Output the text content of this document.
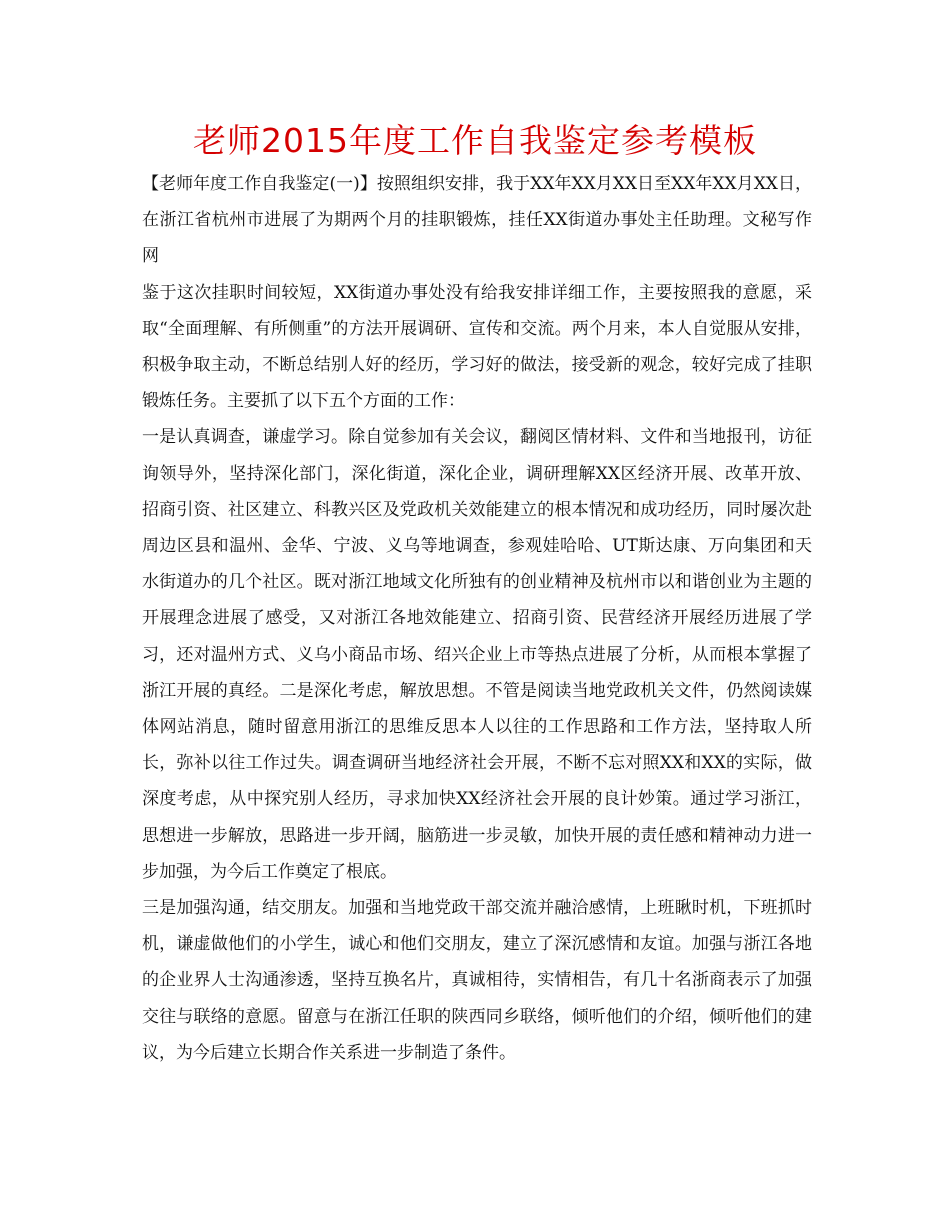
老师2015年度工作自我鉴定参考模板

【老师年度工作自我鉴定(一)】按照组织安排，我于XX年XX月XX日至XX年XX月XX日，在浙江省杭州市进展了为期两个月的挂职锻炼，挂任XX街道办事处主任助理。文秘写作网

鉴于这次挂职时间较短，XX街道办事处没有给我安排详细工作，主要按照我的意愿，采取“全面理解、有所侧重”的方法开展调研、宣传和交流。两个月来，本人自觉服从安排，积极争取主动，不断总结别人好的经历，学习好的做法，接受新的观念，较好完成了挂职锻炼任务。主要抓了以下五个方面的工作：

一是认真调查，谦虚学习。除自觉参加有关会议，翻阅区情材料、文件和当地报刊，访征询领导外，坚持深化部门，深化街道，深化企业，调研理解XX区经济开展、改革开放、招商引资、社区建立、科教兴区及党政机关效能建立的根本情况和成功经历，同时屡次赴周边区县和温州、金华、宁波、义乌等地调查，参观娃哈哈、UT斯达康、万向集团和天水街道办的几个社区。既对浙江地域文化所独有的创业精神及杭州市以和谐创业为主题的开展理念进展了感受，又对浙江各地效能建立、招商引资、民营经济开展经历进展了学习，还对温州方式、义乌小商品市场、绍兴企业上市等热点进展了分析，从而根本掌握了浙江开展的真经。二是深化考虑，解放思想。不管是阅读当地党政机关文件，仍然阅读媒体网站消息，随时留意用浙江的思维反思本人以往的工作思路和工作方法，坚持取人所长，弥补以往工作过失。调查调研当地经济社会开展，不断不忘对照XX和XX的实际，做深度考虑，从中探究别人经历，寻求加快XX经济社会开展的良计妙策。通过学习浙江，思想进一步解放，思路进一步开阔，脑筋进一步灵敏，加快开展的责任感和精神动力进一步加强，为今后工作奠定了根底。

三是加强沟通，结交朋友。加强和当地党政干部交流并融洽感情，上班瞅时机，下班抓时机，谦虚做他们的小学生，诚心和他们交朋友，建立了深沉感情和友谊。加强与浙江各地的企业界人士沟通渗透，坚持互换名片，真诚相待，实情相告，有几十名浙商表示了加强交往与联络的意愿。留意与在浙江任职的陕西同乡联络，倾听他们的介绍，倾听他们的建议，为今后建立长期合作关系进一步制造了条件。
